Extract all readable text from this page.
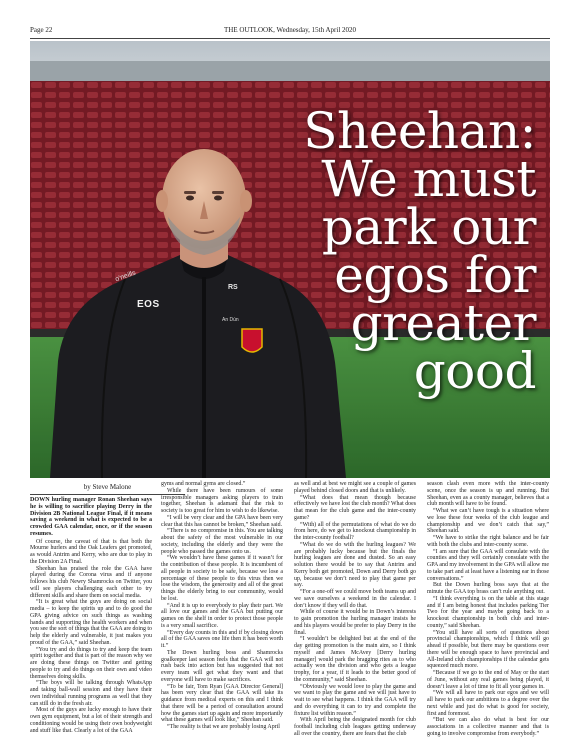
Page 22	THE OUTLOOK, Wednesday, 15th April 2020
o'neills
EOS
RS
An Dún
Sheehan: We must park our egos for greater good
by Steve Malone

DOWN hurling manager Ronan Sheehan says he is willing to sacrifice playing Derry in the Division 2B National League Final, if it means saving a weekend in what is expected to be a crowded GAA calendar, once, or if the season resumes.

Of course, the caveat of that is that both the Mourne hurlers and the Oak Leafers get promoted, as would Antrim and Kerry, who are due to play in the Division 2A Final.

Sheehan has praised the role the GAA have played during the Corona virus and if anyone follows his club Newry Shamrocks on Twitter, you will see players challenging each other to try different skills and share them on social media.

“It is great what the guys are doing on social media – to keep the spirits up and to do good the GPA giving advice on such things as washing hands and supporting the health workers and when you see the sort of things that the GAA are doing to help the elderly and vulnerable, it just makes you proud of the GAA,” said Sheehan.

“You try and do things to try and keep the team spirit together and that is part of the reason why we are doing these things on Twitter and getting people to try and do things on their own and video themselves doing skills.

“The boys will be talking through WhatsApp and taking ball-wall session and they have their own individual running programs as well that they can still do in the fresh air.

Most of the guys are lucky enough to have their own gym equipment, but a lot of their strength and conditioning would be using their own bodyweight and stuff like that. Clearly a lot of the GAA

gyms and normal gyms are closed.”

While there have been rumours of some irresponsible managers asking players to train together, Sheehan is adamant that the risk to society is too great for him to wish to do likewise.

“I will be very clear and the GPA have been very clear that this has cannot be broken,” Sheehan said.

“There is no compromise in this. You are talking about the safety of the most vulnerable in our society, including the elderly and they were the people who passed the games onto us.

“We wouldn’t have these games if it wasn’t for the contribution of these people. It is incumbent of all people in society to be safe, because we lose a percentage of these people to this virus then we lose the wisdom, the generosity and all of the great things the elderly bring to our community, would be lost.

“And it is up to everybody to play their part. We all love our games and the GAA but putting our games on the shelf in order to protect those people is a very small sacrifice.

“Every day counts in this and if by closing down all of the GAA saves one life then it has been worth it.”

The Down hurling boss and Shamrocks goalkeeper last season feels that the GAA will not rush back into action but has suggested that not every team will get what they want and that everyone will have to make sacrifices.

“To be fair, Tom Ryan [GAA Director General] has been very clear that the GAA will take its guidance from medical experts on this and I think that there will be a period of consultation around how the games start up again and more importantly what these games will look like,” Sheehan said.

“The reality is that we are probably losing April

as well and at best we might see a couple of games played behind closed doors and that is unlikely.

“What does that mean though because effectively we have lost the club month? What does that mean for the club game and the inter-county game?

“With) all of the permutations of what do we do from here, do we get to knockout championship in the inter-county football?

“What do we do with the hurling leagues? We are probably lucky because but the finals the hurling leagues are done and dusted. So an easy solution there would be to say that Antrim and Kerry both get promoted, Down and Derry both go up, because we don’t need to play that game per say.

“For a one-off we could move both teams up and we save ourselves a weekend in the calendar. I don’t know if they will do that.

While of course it would be in Down’s interests to gain promotion the hurling manager insists he and his players would be prefer to play Derry in the final.

“I wouldn’t be delighted but at the end of the day getting promotion is the main aim, so I think myself and James McAvey [Derry hurling manager] would park the bragging rites as to who actually won the division and who gets a league trophy, for a year, if it leads to the better good of the community,” said Sheehan.

“Obviously we would love to play the game and we want to play the game and we will just have to wait to see what happens. I think the GAA will try and do everything it can to try and complete the fixture list within reason.”

With April being the designated month for club football including club leagues getting underway all over the country, there are fears that the club

season clash even more with the inter-county scene, once the season is up and running. But Sheehan, even as a county manager, believes that a club month will have to be found.

“What we can’t have tough is a situation where we lose these four weeks of the club league and championship and we don’t catch that say,” Sheehan said.

“We have to strike the right balance and be fair with both the clubs and inter-county scene.

“I am sure that the GAA will consulate with the counties and they will certainly consulate with the GPA and my involvement in the GPA will allow me to take part and at least have a listening ear in those conversations.”

But the Down hurling boss says that at the minute the GAA top brass can’t rule anything out.

“I think everything is on the table at this stage and if I am being honest that includes parking Tier Two for the year and maybe going back to a knockout championship in both club and inter-county,” said Sheehan.

“You still have all sorts of questions about provincial championships, which I think will go ahead if possible, but there may be questions over there will be enough space to have provincial and All-Ireland club championships if the calendar gets squeezed much more.

“Because if we go to the end of May or the start of June, without any real games being played, it doesn’t leave a lot of time to fit all your games in.

“We will all have to park our egos and we will all have to park our ambitions to a degree over the next while and just do what is good for society, first and foremost.

“But we can also do what is best for our associations in a collective manner and that is going to involve compromise from everybody.”
